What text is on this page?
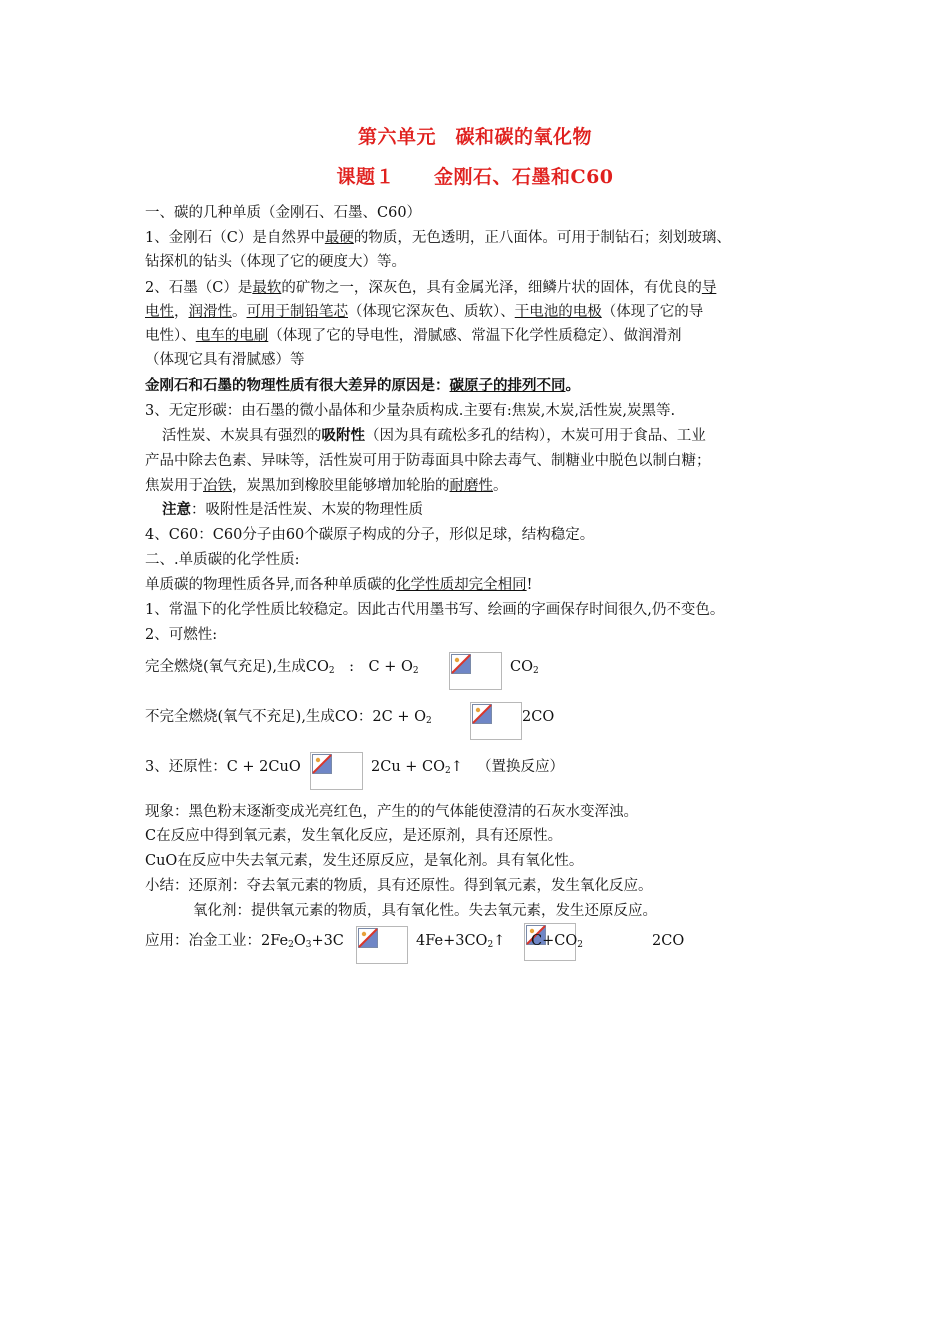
第六单元　碳和碳的氧化物
课题１　　金刚石、石墨和C60
一、碳的几种单质（金刚石、石墨、C60）
1、金刚石（C）是自然界中最硬的物质，无色透明，正八面体。可用于制钻石；刻划玻璃、
钻探机的钻头（体现了它的硬度大）等。
2、石墨（C）是最软的矿物之一，深灰色，具有金属光泽，细鳞片状的固体，有优良的导
电性，润滑性。可用于制铅笔芯（体现它深灰色、质软）、干电池的电极（体现了它的导
电性）、电车的电刷（体现了它的导电性，滑腻感、常温下化学性质稳定）、做润滑剂
（体现它具有滑腻感）等
金刚石和石墨的物理性质有很大差异的原因是：碳原子的排列不同。
3、无定形碳：由石墨的微小晶体和少量杂质构成.主要有:焦炭,木炭,活性炭,炭黑等.
活性炭、木炭具有强烈的吸附性（因为具有疏松多孔的结构），木炭可用于食品、工业
产品中除去色素、异味等，活性炭可用于防毒面具中除去毒气、制糖业中脱色以制白糖；
焦炭用于冶铁，炭黑加到橡胶里能够增加轮胎的耐磨性。
注意：吸附性是活性炭、木炭的物理性质
4、C60：C60分子由60个碳原子构成的分子，形似足球，结构稳定。
二、.单质碳的化学性质:
单质碳的物理性质各异,而各种单质碳的化学性质却完全相同!
1、常温下的化学性质比较稳定。因此古代用墨书写、绘画的字画保存时间很久,仍不变色。
2、可燃性:
完全燃烧(氧气充足),生成$CO_2$　:　$C + O_2$	$CO_2$
不完全燃烧(氧气不充足),生成CO：$2C + O_2$	2CO
3、还原性：C + 2CuO	$2Cu + CO_2↑$ （置换反应）
现象：黑色粉末逐渐变成光亮红色，产生的的气体能使澄清的石灰水变浑浊。
C在反应中得到氧元素，发生氧化反应，是还原剂，具有还原性。
CuO在反应中失去氧元素，发生还原反应，是氧化剂。具有氧化性。
小结：还原剂：夺去氧元素的物质，具有还原性。得到氧元素，发生氧化反应。
氧化剂：提供氧元素的物质，具有氧化性。失去氧元素，发生还原反应。
应用：冶金工业：$2Fe_2O_3+3C$	$4Fe+3CO_2↑$ $C+CO_2$	2CO
